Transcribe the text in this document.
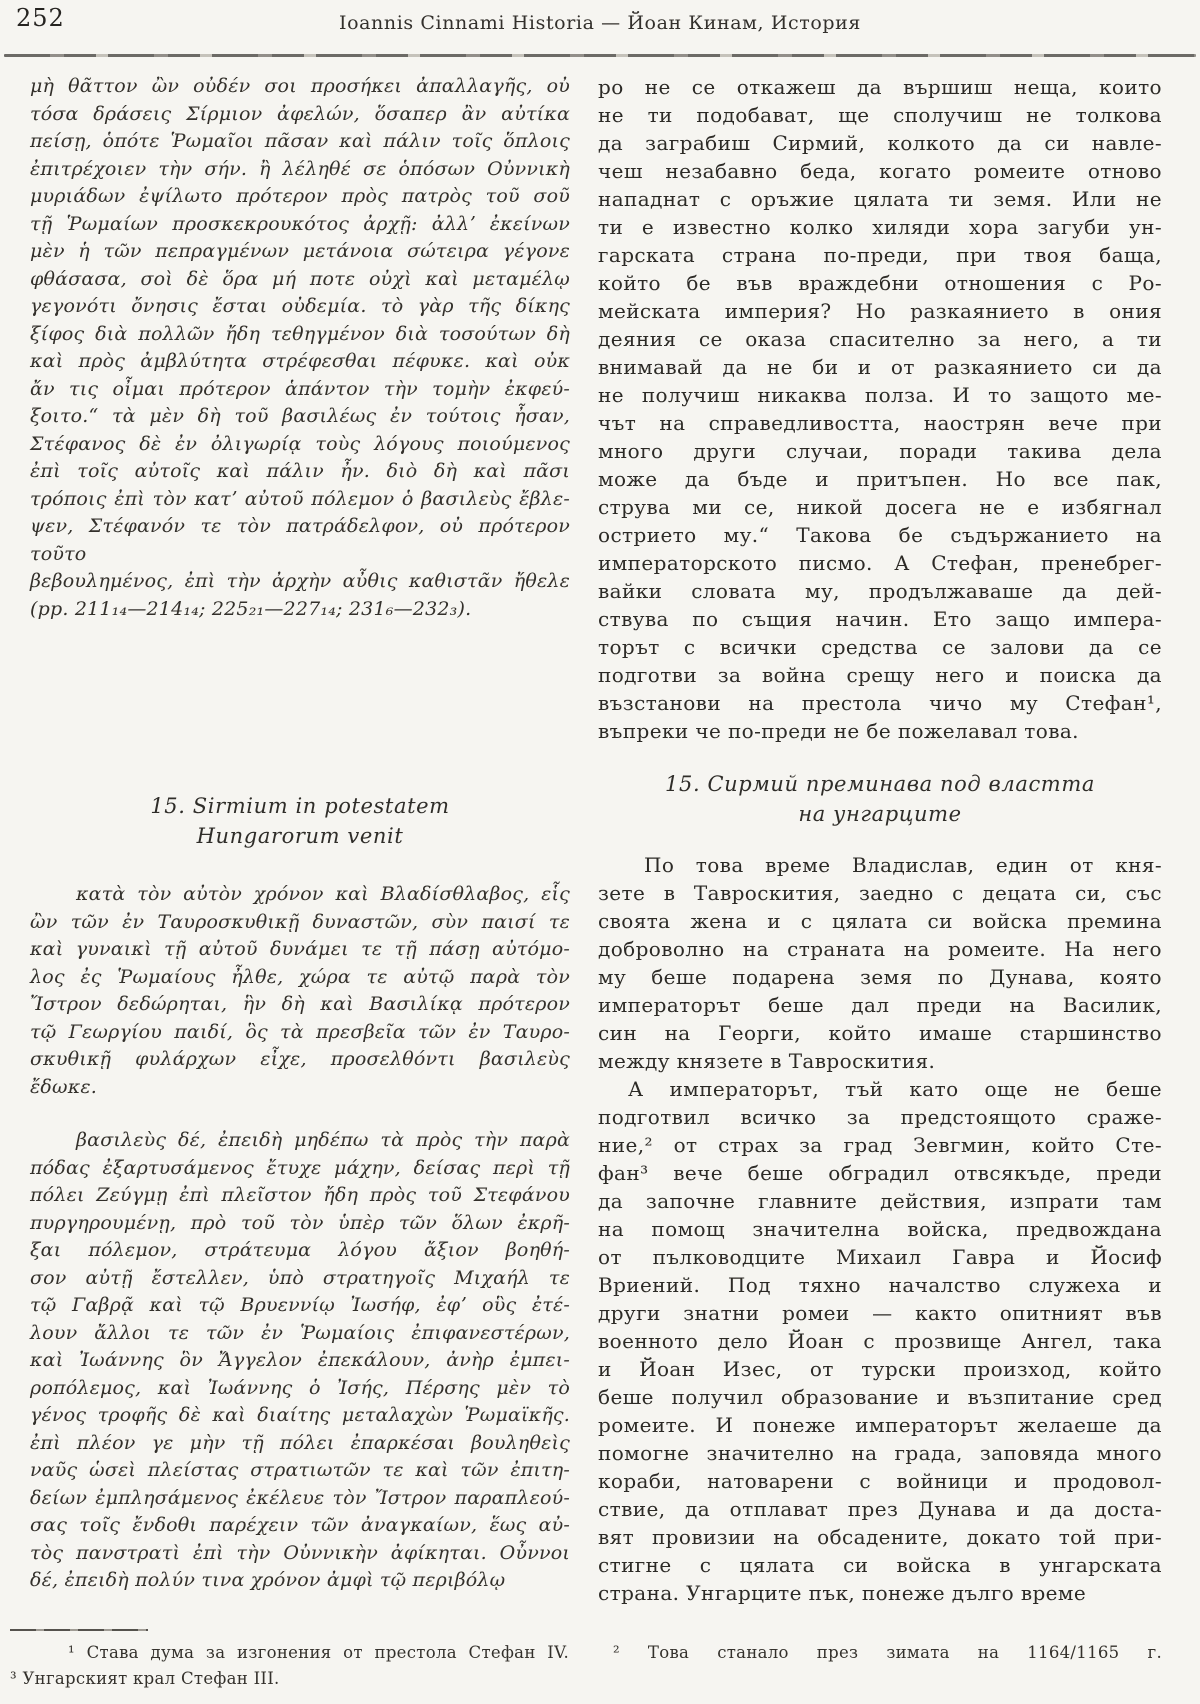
252	Ioannis Cinnami Historia — Йоан Кинам, История
μὴ θᾶττον ὢν οὐδέν σοι προσήκει ἀπαλλαγῆς, οὐ
τόσα δράσεις Σίρμιον ἀφελών, ὅσαπερ ἂν αὐτίκα
πείσῃ, ὁπότε Ῥωμαῖοι πᾶσαν καὶ πάλιν τοῖς ὅπλοις
ἐπιτρέχοιεν τὴν σήν. ἢ λέληθέ σε ὁπόσων Οὐννικὴ
μυριάδων ἐψίλωτο πρότερον πρὸς πατρὸς τοῦ σοῦ
τῇ Ῥωμαίων προσκεκρουκότος ἀρχῇ: ἀλλʼ ἐκείνων
μὲν ἡ τῶν πεπραγμένων μετάνοια σώτειρα γέγονε
φθάσασα, σοὶ δὲ ὅρα μή ποτε οὐχὶ καὶ μεταμέλῳ
γεγονότι ὄνησις ἔσται οὐδεμία. τὸ γὰρ τῆς δίκης
ξίφος διὰ πολλῶν ἤδη τεθηγμένον διὰ τοσούτων δὴ
καὶ πρὸς ἀμβλύτητα στρέφεσθαι πέφυκε. καὶ οὐκ
ἄν τις οἶμαι πρότερον ἁπάντον τὴν τομὴν ἐκφεύ-
ξοιτο.“ τὰ μὲν δὴ τοῦ βασιλέως ἐν τούτοις ἦσαν,
Στέφανος δὲ ἐν ὀλιγωρίᾳ τοὺς λόγους ποιούμενος
ἐπὶ τοῖς αὐτοῖς καὶ πάλιν ἦν. διὸ δὴ καὶ πᾶσι
τρόποις ἐπὶ τὸν κατʼ αὐτοῦ πόλεμον ὁ βασιλεὺς ἔβλε-
ψεν, Στέφανόν τε τὸν πατράδελφον, οὐ πρότερον τοῦτο
βεβουλημένος, ἐπὶ τὴν ἀρχὴν αὖθις καθιστᾶν ἤθελε
(pp. 211₁₄—214₁₄; 225₂₁—227₁₄; 231₆—232₃).
15. Sirmium in potestatem
Hungarorum venit
κατὰ τὸν αὐτὸν χρόνον καὶ Βλαδίσθλαβος, εἷς
ὢν τῶν ἐν Ταυροσκυθικῇ δυναστῶν, σὺν παισί τε
καὶ γυναικὶ τῇ αὐτοῦ δυνάμει τε τῇ πάσῃ αὐτόμο-
λος ἐς Ῥωμαίους ἦλθε, χώρα τε αὐτῷ παρὰ τὸν
Ἴστρον δεδώρηται, ἣν δὴ καὶ Βασιλίκᾳ πρότερον
τῷ Γεωργίου παιδί, ὃς τὰ πρεσβεῖα τῶν ἐν Ταυρο-
σκυθικῇ φυλάρχων εἶχε, προσελθόντι βασιλεὺς ἔδωκε.
βασιλεὺς δέ, ἐπειδὴ μηδέπω τὰ πρὸς τὴν παρὰ
πόδας ἐξαρτυσάμενος ἔτυχε μάχην, δείσας περὶ τῇ
πόλει Ζεύγμῃ ἐπὶ πλεῖστον ἤδη πρὸς τοῦ Στεφάνου
πυργηρουμένῃ, πρὸ τοῦ τὸν ὑπὲρ τῶν ὅλων ἐκρῆ-
ξαι πόλεμον, στράτευμα λόγου ἄξιον βοηθή-
σον αὐτῇ ἔστελλεν, ὑπὸ στρατηγοῖς Μιχαήλ τε
τῷ Γαβρᾷ καὶ τῷ Βρυεννίῳ Ἰωσήφ, ἐφʼ οὓς ἐτέ-
λουν ἄλλοι τε τῶν ἐν Ῥωμαίοις ἐπιφανεστέρων,
καὶ Ἰωάννης ὃν Ἄγγελον ἐπεκάλουν, ἀνὴρ ἐμπει-
ροπόλεμος, καὶ Ἰωάννης ὁ Ἰσής, Πέρσης μὲν τὸ
γένος τροφῆς δὲ καὶ διαίτης μεταλαχὼν Ῥωμαϊκῆς.
ἐπὶ πλέον γε μὴν τῇ πόλει ἐπαρκέσαι βουληθεὶς
ναῦς ὡσεὶ πλείστας στρατιωτῶν τε καὶ τῶν ἐπιτη-
δείων ἐμπλησάμενος ἐκέλευε τὸν Ἴστρον παραπλεού-
σας τοῖς ἔνδοθι παρέχειν τῶν ἀναγκαίων, ἕως αὐ-
τὸς πανστρατὶ ἐπὶ τὴν Οὐννικὴν ἀφίκηται. Οὖννοι
δέ, ἐπειδὴ πολύν τινα χρόνον ἀμφὶ τῷ περιβόλῳ
ро не се откажеш да вършиш неща, които
не ти подобават, ще сполучиш не толкова
да заграбиш Сирмий, колкото да си навле-
чеш незабавно беда, когато ромеите отново
нападнат с оръжие цялата ти земя. Или не
ти е известно колко хиляди хора загуби ун-
гарската страна по-преди, при твоя баща,
който бе във враждебни отношения с Ро-
мейската империя? Но разкаянието в ония
деяния се оказа спасително за него, а ти
внимавай да не би и от разкаянието си да
не получиш никаква полза. И то защото ме-
чът на справедливостта, наострян вече при
много други случаи, поради такива дела
може да бъде и притъпен. Но все пак,
струва ми се, никой досега не е избягнал
острието му.“ Такова бе съдържанието на
императорското писмо. А Стефан, пренебрег-
вайки словата му, продължаваше да дей-
ствува по същия начин. Ето защо импера-
торът с всички средства се залови да се
подготви за война срещу него и поиска да
възстанови на престола чичо му Стефан¹,
въпреки че по-преди не бе пожелавал това.
15. Сирмий преминава под властта
на унгарците
По това време Владислав, един от кня-
зете в Тавроскития, заедно с децата си, със
своята жена и с цялата си войска премина
доброволно на страната на ромеите. На него
му беше подарена земя по Дунава, която
императорът беше дал преди на Василик,
син на Георги, който имаше старшинство
между князете в Тавроскития.
А императорът, тъй като още не беше
подготвил всичко за предстоящото сраже-
ние,² от страх за град Зевгмин, който Сте-
фан³ вече беше обградил отвсякъде, преди
да започне главните действия, изпрати там
на помощ значителна войска, предвождана
от пълководците Михаил Гавра и Йосиф
Вриений. Под тяхно началство служеха и
други знатни ромеи — както опитният във
военното дело Йоан с прозвище Ангел, така
и Йоан Изес, от турски произход, който
беше получил образование и възпитание сред
ромеите. И понеже императорът желаеше да
помогне значително на града, заповяда много
кораби, натоварени с войници и продовол-
ствие, да отплават през Дунава и да доста-
вят провизии на обсадените, докато той при-
стигне с цялата си войска в унгарската
страна. Унгарците пък, понеже дълго време
¹ Става дума за изгонения от престола Стефан IV.
³ Унгарският крал Стефан III.
² Това станало през зимата на 1164/1165 г.
